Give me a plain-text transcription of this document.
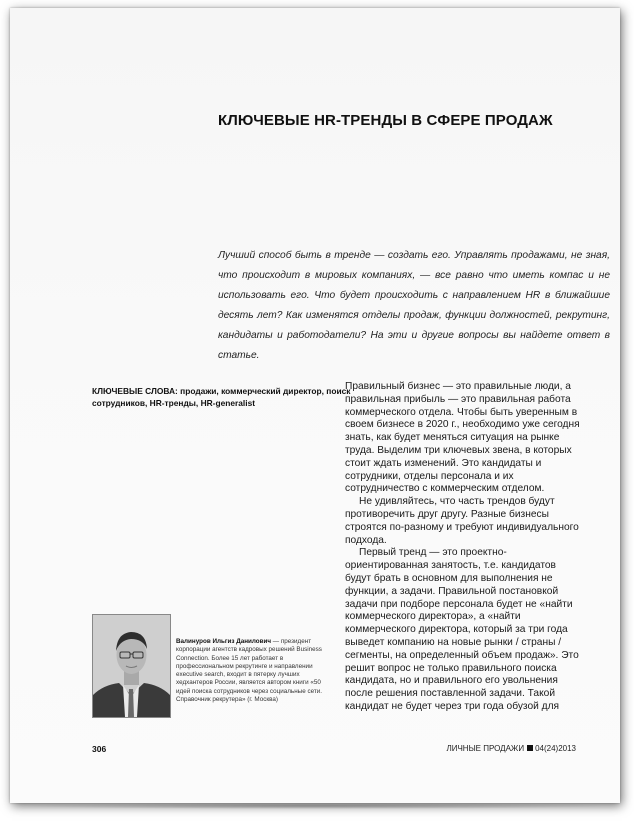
КЛЮЧЕВЫЕ HR-ТРЕНДЫ В СФЕРЕ ПРОДАЖ

Лучший способ быть в тренде — создать его. Управлять продажами, не зная, что происходит в мировых компаниях, — все равно что иметь компас и не использовать его. Что будет происходить с направлением HR в ближайшие десять лет? Как изменятся отделы продаж, функции должностей, рекрутинг, кандидаты и работодатели? На эти и другие вопросы вы найдете ответ в статье.

КЛЮЧЕВЫЕ СЛОВА: продажи, коммерческий директор, поиск сотрудников, HR-тренды, HR-generalist

Правильный бизнес — это правильные люди, а правильная прибыль — это правильная работа коммерческого отдела. Чтобы быть уверенным в своем бизнесе в 2020 г., необходимо уже сегодня знать, как будет меняться ситуация на рынке труда. Выделим три ключевых звена, в которых стоит ждать изменений. Это кандидаты и сотрудники, отделы персонала и их сотрудничество с коммерческим отделом.

Не удивляйтесь, что часть трендов будут противоречить друг другу. Разные бизнесы строятся по-разному и требуют индивидуального подхода.

Первый тренд — это проектно-ориентированная занятость, т.е. кандидатов будут брать в основном для выполнения не функции, а задачи. Правильной постановкой задачи при подборе персонала будет не «найти коммерческого директора», а «найти коммерческого директора, который за три года выведет компанию на новые рынки / страны / сегменты, на определенный объем продаж». Это решит вопрос не только правильного поиска кандидата, но и правильного его увольнения после решения поставленной задачи. Такой кандидат не будет через три года обузой для

Валинуров Ильгиз Данилович — президент корпорации агентств кадровых решений Business Connection. Более 15 лет работает в профессиональном рекрутинге и направлении executive search, входит в пятерку лучших хедхантеров России, является автором книги «50 идей поиска сотрудников через социальные сети. Справочник рекрутера» (г. Москва)

306	ЛИЧНЫЕ ПРОДАЖИ 04(24)2013
